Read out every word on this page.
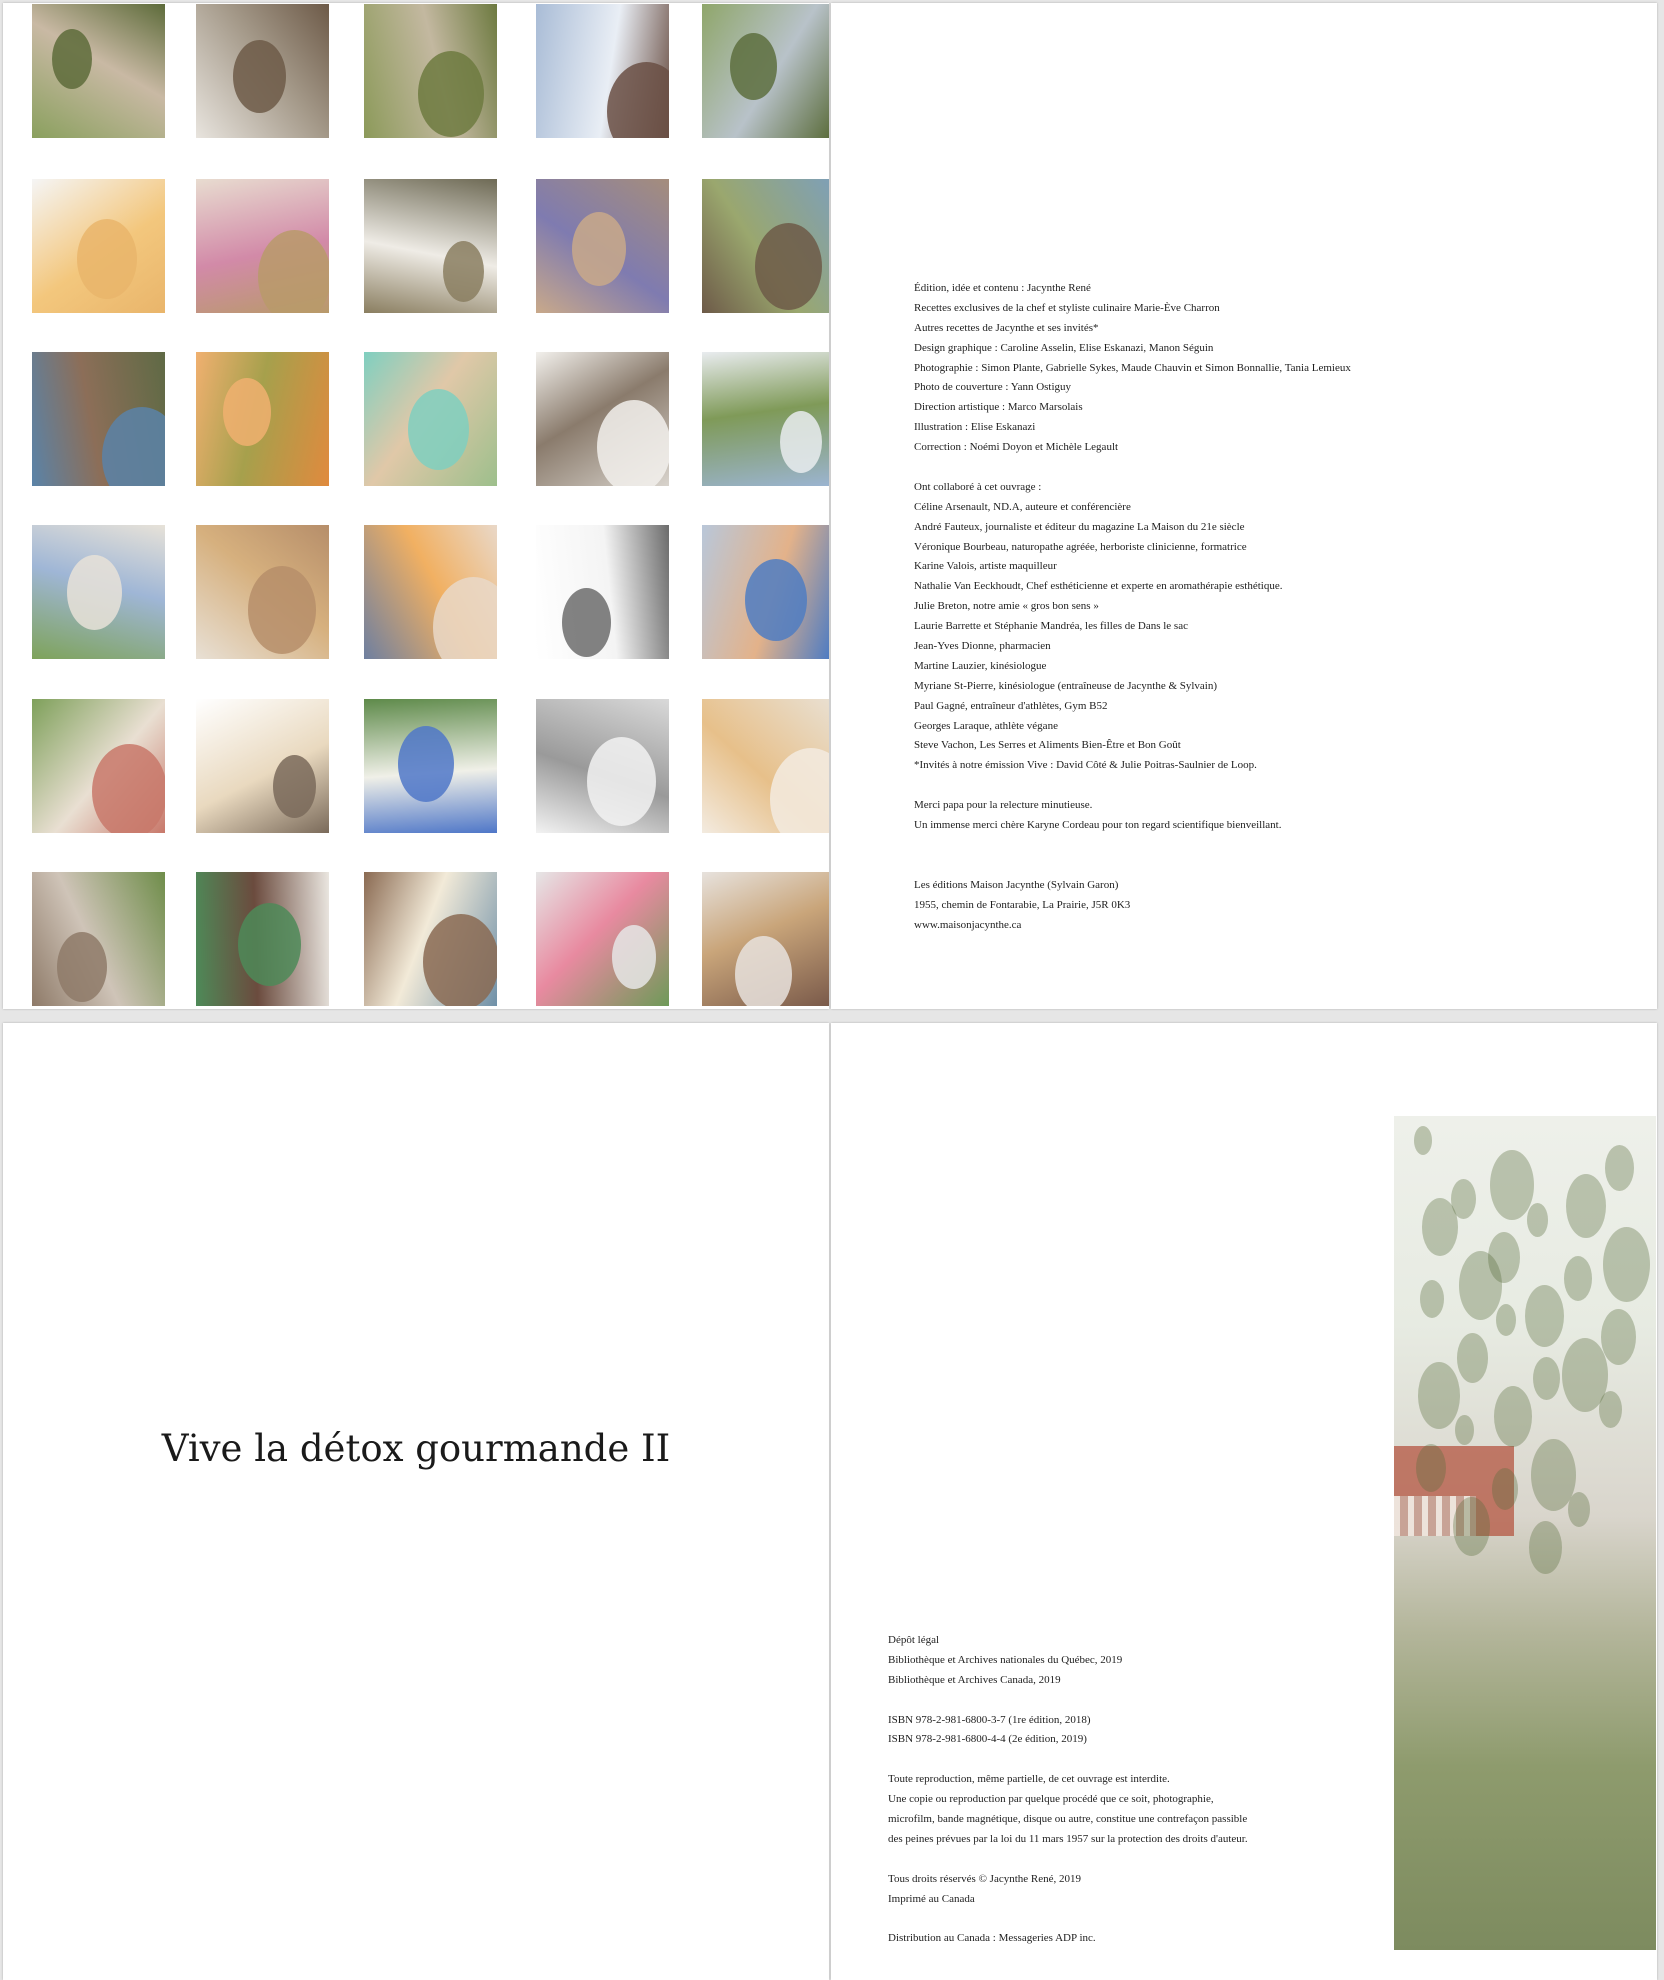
Édition, idée et contenu : Jacynthe René
Recettes exclusives de la chef et styliste culinaire Marie-Ève Charron
Autres recettes de Jacynthe et ses invités*
Design graphique : Caroline Asselin, Elise Eskanazi, Manon Séguin
Photographie : Simon Plante, Gabrielle Sykes, Maude Chauvin et Simon Bonnallie, Tania Lemieux
Photo de couverture : Yann Ostiguy
Direction artistique : Marco Marsolais
Illustration : Elise Eskanazi
Correction : Noémi Doyon et Michèle Legault
Ont collaboré à cet ouvrage :
Céline Arsenault, ND.A, auteure et conférencière
André Fauteux, journaliste et éditeur du magazine La Maison du 21e siècle
Véronique Bourbeau, naturopathe agréée, herboriste clinicienne, formatrice
Karine Valois, artiste maquilleur
Nathalie Van Eeckhoudt, Chef esthéticienne et experte en aromathérapie esthétique.
Julie Breton, notre amie « gros bon sens »
Laurie Barrette et Stéphanie Mandréa, les filles de Dans le sac
Jean-Yves Dionne, pharmacien
Martine Lauzier, kinésiologue
Myriane St-Pierre, kinésiologue (entraîneuse de Jacynthe & Sylvain)
Paul Gagné, entraîneur d'athlètes, Gym B52
Georges Laraque, athlète végane
Steve Vachon, Les Serres et Aliments Bien-Être et Bon Goût
*Invités à notre émission Vive : David Côté & Julie Poitras-Saulnier de Loop.
Merci papa pour la relecture minutieuse.
Un immense merci chère Karyne Cordeau pour ton regard scientifique bienveillant.
Les éditions Maison Jacynthe (Sylvain Garon)
1955, chemin de Fontarabie, La Prairie, J5R 0K3
www.maisonjacynthe.ca
Vive la détox gourmande II
Dépôt légal
Bibliothèque et Archives nationales du Québec, 2019
Bibliothèque et Archives Canada, 2019
ISBN 978-2-981-6800-3-7 (1re édition, 2018)
ISBN 978-2-981-6800-4-4 (2e édition, 2019)
Toute reproduction, même partielle, de cet ouvrage est interdite.
Une copie ou reproduction par quelque procédé que ce soit, photographie,
microfilm, bande magnétique, disque ou autre, constitue une contrefaçon passible
des peines prévues par la loi du 11 mars 1957 sur la protection des droits d'auteur.
Tous droits réservés © Jacynthe René, 2019
Imprimé au Canada
Distribution au Canada : Messageries ADP inc.
